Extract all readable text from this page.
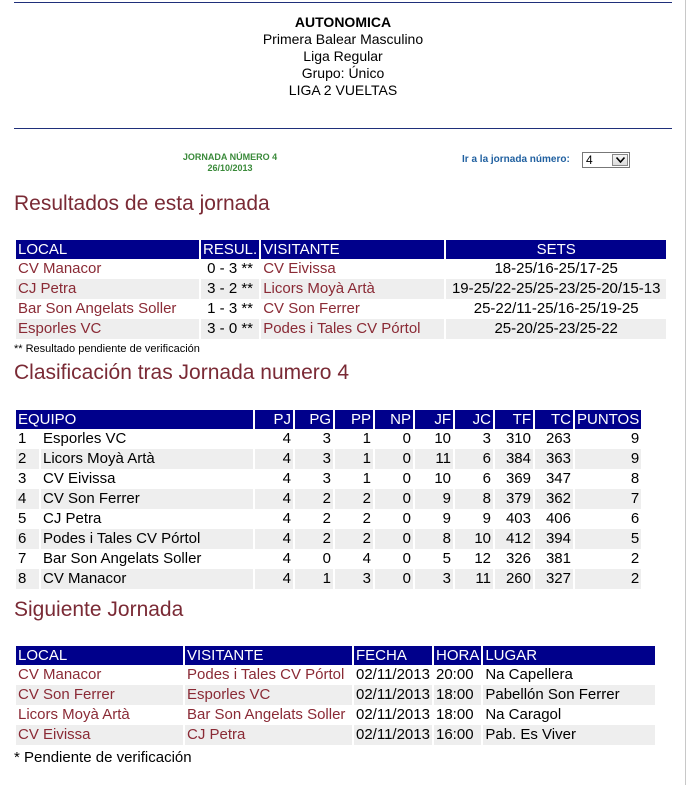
AUTONOMICA
Primera Balear Masculino
Liga Regular
Grupo: Único
LIGA 2 VUELTAS
JORNADA NÚMERO 4
26/10/2013
Ir a la jornada número: 4
Resultados de esta jornada
LOCAL	RESUL.	VISITANTE	SETS
CV Manacor	0 - 3 **	CV Eivissa	18-25/16-25/17-25
CJ Petra	3 - 2 **	Licors Moyà Artà	19-25/22-25/25-23/25-20/15-13
Bar Son Angelats Soller	1 - 3 **	CV Son Ferrer	25-22/11-25/16-25/19-25
Esporles VC	3 - 0 **	Podes i Tales CV Pórtol	25-20/25-23/25-22
** Resultado pendiente de verificación
Clasificación tras Jornada numero 4
EQUIPO		PJ	PG	PP	NP	JF	JC	TF	TC	PUNTOS
1	Esporles VC	4	3	1	0	10	3	310	263	9
2	Licors Moyà Artà	4	3	1	0	11	6	384	363	9
3	CV Eivissa	4	3	1	0	10	6	369	347	8
4	CV Son Ferrer	4	2	2	0	9	8	379	362	7
5	CJ Petra	4	2	2	0	9	9	403	406	6
6	Podes i Tales CV Pórtol	4	2	2	0	8	10	412	394	5
7	Bar Son Angelats Soller	4	0	4	0	5	12	326	381	2
8	CV Manacor	4	1	3	0	3	11	260	327	2
Siguiente Jornada
LOCAL	VISITANTE	FECHA	HORA	LUGAR
CV Manacor	Podes i Tales CV Pórtol	02/11/2013	20:00	Na Capellera
CV Son Ferrer	Esporles VC	02/11/2013	18:00	Pabellón Son Ferrer
Licors Moyà Artà	Bar Son Angelats Soller	02/11/2013	18:00	Na Caragol
CV Eivissa	CJ Petra	02/11/2013	16:00	Pab. Es Viver
* Pendiente de verificación
